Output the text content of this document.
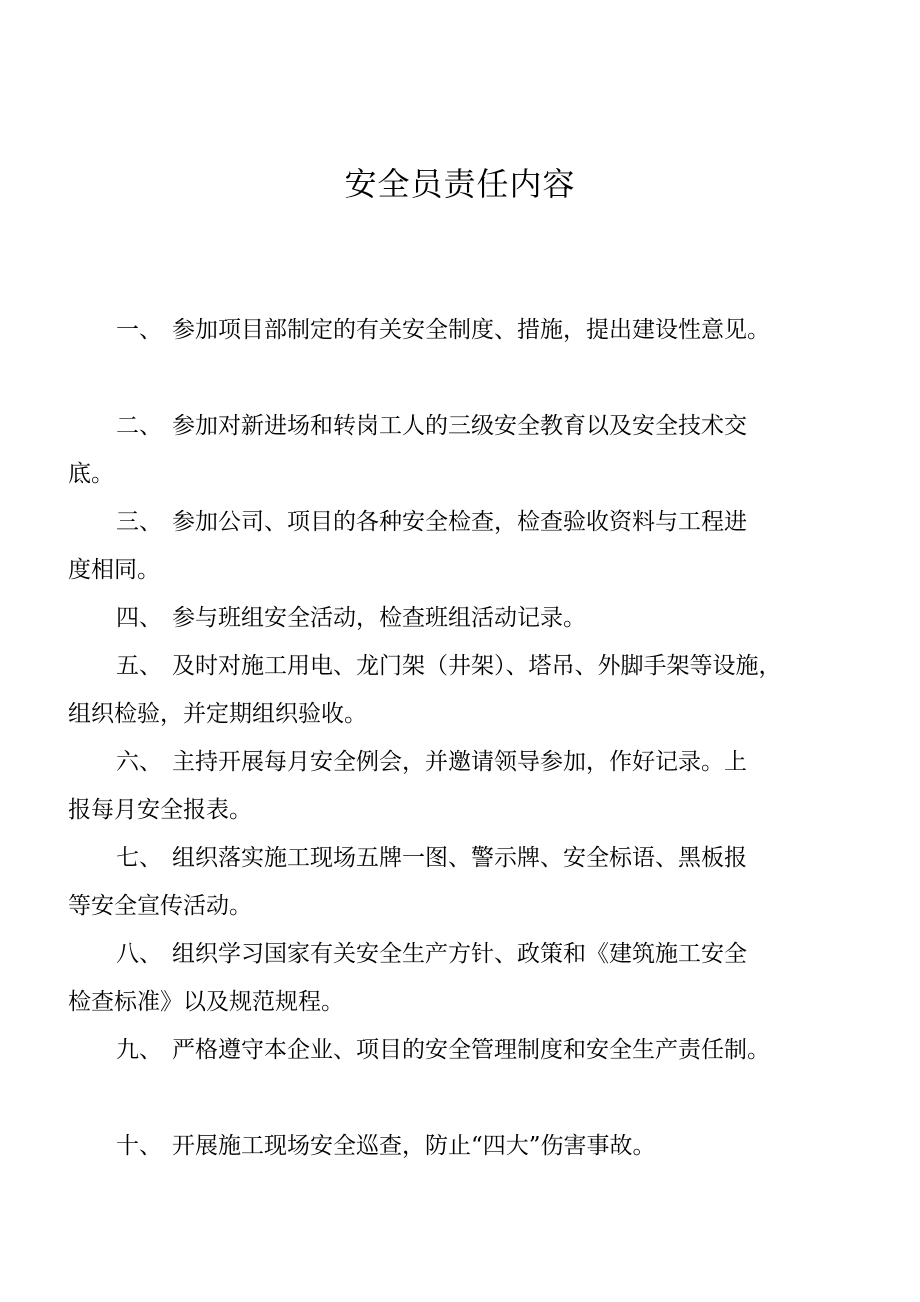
安全员责任内容
一、 参加项目部制定的有关安全制度、措施，提出建设性意见。
二、 参加对新进场和转岗工人的三级安全教育以及安全技术交
底。
三、 参加公司、项目的各种安全检查，检查验收资料与工程进
度相同。
四、 参与班组安全活动，检查班组活动记录。
五、 及时对施工用电、龙门架（井架）、塔吊、外脚手架等设施，
组织检验，并定期组织验收。
六、 主持开展每月安全例会，并邀请领导参加，作好记录。上
报每月安全报表。
七、 组织落实施工现场五牌一图、警示牌、安全标语、黑板报
等安全宣传活动。
八、 组织学习国家有关安全生产方针、政策和《建筑施工安全
检查标准》以及规范规程。
九、 严格遵守本企业、项目的安全管理制度和安全生产责任制。
十、 开展施工现场安全巡查，防止“四大”伤害事故。
